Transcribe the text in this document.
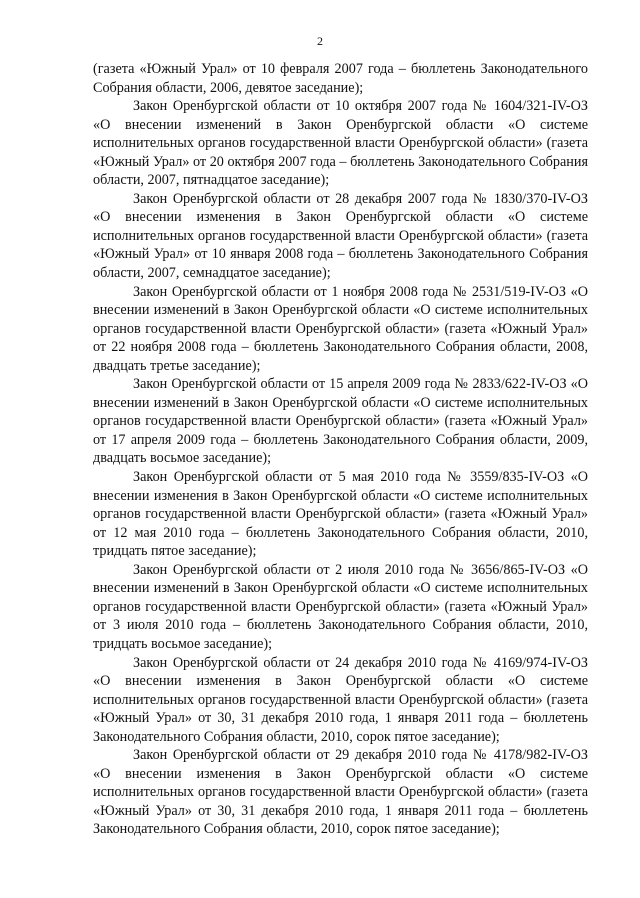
2

(газета «Южный Урал» от 10 февраля 2007 года – бюллетень Законодательного Собрания области, 2006, девятое заседание);

Закон Оренбургской области от 10 октября 2007 года № 1604/321-IV-ОЗ «О внесении изменений в Закон Оренбургской области «О системе исполнительных органов государственной власти Оренбургской области» (газета «Южный Урал» от 20 октября 2007 года – бюллетень Законодательного Собрания области, 2007, пятнадцатое заседание);

Закон Оренбургской области от 28 декабря 2007 года № 1830/370-IV-ОЗ «О внесении изменения в Закон Оренбургской области «О системе исполнительных органов государственной власти Оренбургской области» (газета «Южный Урал» от 10 января 2008 года – бюллетень Законодательного Собрания области, 2007, семнадцатое заседание);

Закон Оренбургской области от 1 ноября 2008 года № 2531/519-IV-ОЗ «О внесении изменений в Закон Оренбургской области «О системе исполнительных органов государственной власти Оренбургской области» (газета «Южный Урал» от 22 ноября 2008 года – бюллетень Законодательного Собрания области, 2008, двадцать третье заседание);

Закон Оренбургской области от 15 апреля 2009 года № 2833/622-IV-ОЗ «О внесении изменений в Закон Оренбургской области «О системе исполнительных органов государственной власти Оренбургской области» (газета «Южный Урал» от 17 апреля 2009 года – бюллетень Законодательного Собрания области, 2009, двадцать восьмое заседание);

Закон Оренбургской области от 5 мая 2010 года № 3559/835-IV-ОЗ «О внесении изменения в Закон Оренбургской области «О системе исполнительных органов государственной власти Оренбургской области» (газета «Южный Урал» от 12 мая 2010 года – бюллетень Законодательного Собрания области, 2010, тридцать пятое заседание);

Закон Оренбургской области от 2 июля 2010 года № 3656/865-IV-ОЗ «О внесении изменений в Закон Оренбургской области «О системе исполнительных органов государственной власти Оренбургской области» (газета «Южный Урал» от 3 июля 2010 года – бюллетень Законодательного Собрания области, 2010, тридцать восьмое заседание);

Закон Оренбургской области от 24 декабря 2010 года № 4169/974-IV-ОЗ «О внесении изменения в Закон Оренбургской области «О системе исполнительных органов государственной власти Оренбургской области» (газета «Южный Урал» от 30, 31 декабря 2010 года, 1 января 2011 года – бюллетень Законодательного Собрания области, 2010, сорок пятое заседание);

Закон Оренбургской области от 29 декабря 2010 года № 4178/982-IV-ОЗ «О внесении изменения в Закон Оренбургской области «О системе исполнительных органов государственной власти Оренбургской области» (газета «Южный Урал» от 30, 31 декабря 2010 года, 1 января 2011 года – бюллетень Законодательного Собрания области, 2010, сорок пятое заседание);
